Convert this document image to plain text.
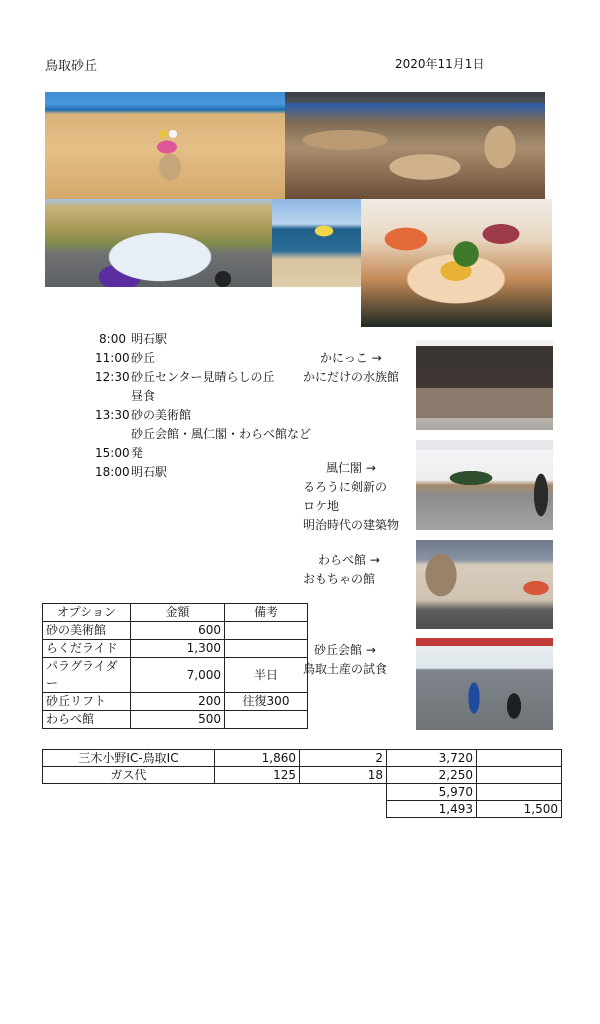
鳥取砂丘	2020年11月1日
8:00 明石駅
11:00砂丘
12:30砂丘センター見晴らしの丘
昼食
13:30砂の美術館
砂丘会館・風仁閣・わらべ館など
15:00発
18:00明石駅
かにっこ →
かにだけの水族館
風仁閣 →
るろうに剣新の
ロケ地
明治時代の建築物
わらべ館 →
おもちゃの館
砂丘会館 →
鳥取土産の試食
オプション	金額	備考
砂の美術館	600	
らくだライド	1,300	
パラグライダー	7,000	半日
砂丘リフト	200	往復300
わらべ館	500	
三木小野IC-鳥取IC	1,860	2	3,720	
ガス代	125	18	2,250	
			5,970	
			1,493	1,500
